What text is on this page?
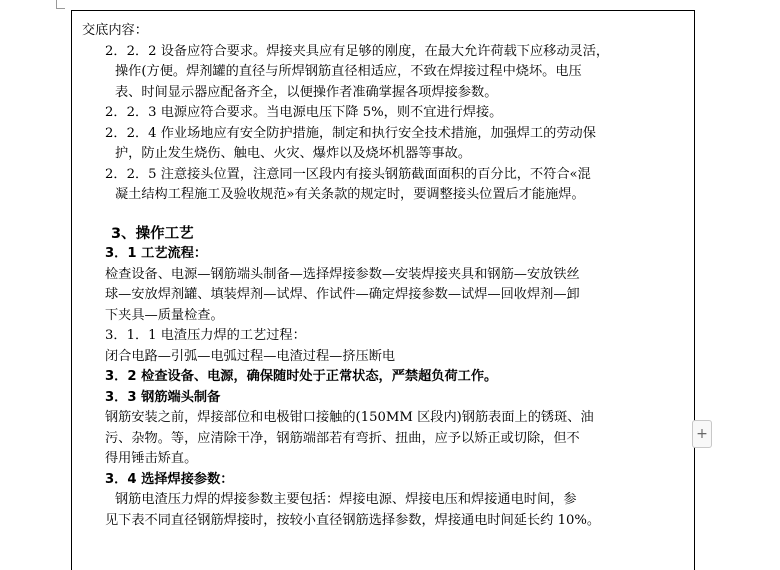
交底内容：
2．2．2 设备应符合要求。焊接夹具应有足够的刚度，在最大允许荷载下应移动灵活，
操作(方便。焊剂罐的直径与所焊钢筋直径相适应，不致在焊接过程中烧坏。电压
表、时间显示器应配备齐全，以便操作者准确掌握各项焊接参数。
2．2．3 电源应符合要求。当电源电压下降 5%，则不宜进行焊接。
2．2．4 作业场地应有安全防护措施，制定和执行安全技术措施，加强焊工的劳动保
护，防止发生烧伤、触电、火灾、爆炸以及烧坏机器等事故。
2．2．5 注意接头位置，注意同一区段内有接头钢筋截面面积的百分比，不符合«混
凝土结构工程施工及验收规范»有关条款的规定时，要调整接头位置后才能施焊。
3、操作工艺
3．1 工艺流程：
检查设备、电源—钢筋端头制备—选择焊接参数—安装焊接夹具和钢筋—安放铁丝
球—安放焊剂罐、填装焊剂—试焊、作试件—确定焊接参数—试焊—回收焊剂—卸
下夹具—质量检查。
3．1．1 电渣压力焊的工艺过程：
闭合电路—引弧—电弧过程—电渣过程—挤压断电
3．2 检查设备、电源，确保随时处于正常状态，严禁超负荷工作。
3．3 钢筋端头制备
钢筋安装之前，焊接部位和电极钳口接触的(150MM 区段内)钢筋表面上的锈斑、油
污、杂物。等，应清除干净，钢筋端部若有弯折、扭曲，应予以矫正或切除，但不
得用锤击矫直。
3．4 选择焊接参数：
钢筋电渣压力焊的焊接参数主要包括：焊接电源、焊接电压和焊接通电时间，参
见下表不同直径钢筋焊接时，按较小直径钢筋选择参数，焊接通电时间延长约 10%。
+
